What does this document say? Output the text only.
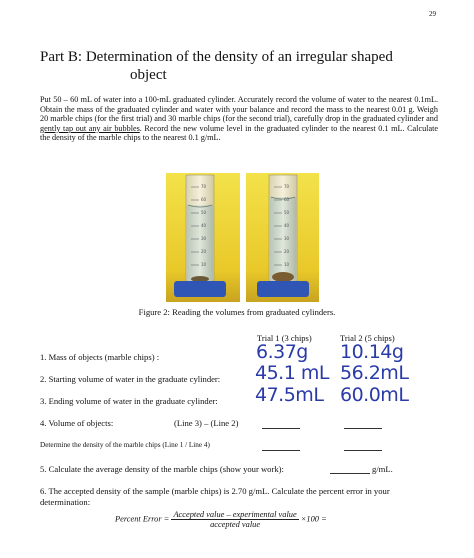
29
Part B: Determination of the density of an irregular shaped
object
Put 50 – 60 mL of water into a 100-mL graduated cylinder. Accurately record the volume of water to the nearest 0.1mL. Obtain the mass of the graduated cylinder and water with your balance and record the mass to the nearest 0.01 g. Weigh 20 marble chips (for the first trial) and 30 marble chips (for the second trial), carefully drop in the graduated cylinder and gently tap out any air bubbles. Record the new volume level in the graduated cylinder to the nearest 0.1 mL. Calculate the density of the marble chips to the nearest 0.1 g/mL.
70
60
50
40
30
20
10
70
60
50
40
30
20
10
Figure 2: Reading the volumes from graduated cylinders.
Trial 1 (3 chips)	Trial 2 (5 chips)
1. Mass of objects (marble chips) :	6.37g 10.14g
2. Starting volume of water in the graduate cylinder: 45.1 mL 56.2mL
3. Ending volume of water in the graduate cylinder: 47.5mL 60.0mL
4. Volume of objects:	(Line 3) – (Line 2)
Determine the density of the marble chips (Line 1 / Line 4)
5. Calculate the average density of the marble chips (show your work):	g/mL.
6. The accepted density of the sample (marble chips) is 2.70 g/mL. Calculate the percent error in your determination:
Percent Error = $\frac{\text{Accepted value – experimental value}}{\text{accepted value}} \times 100$ =
